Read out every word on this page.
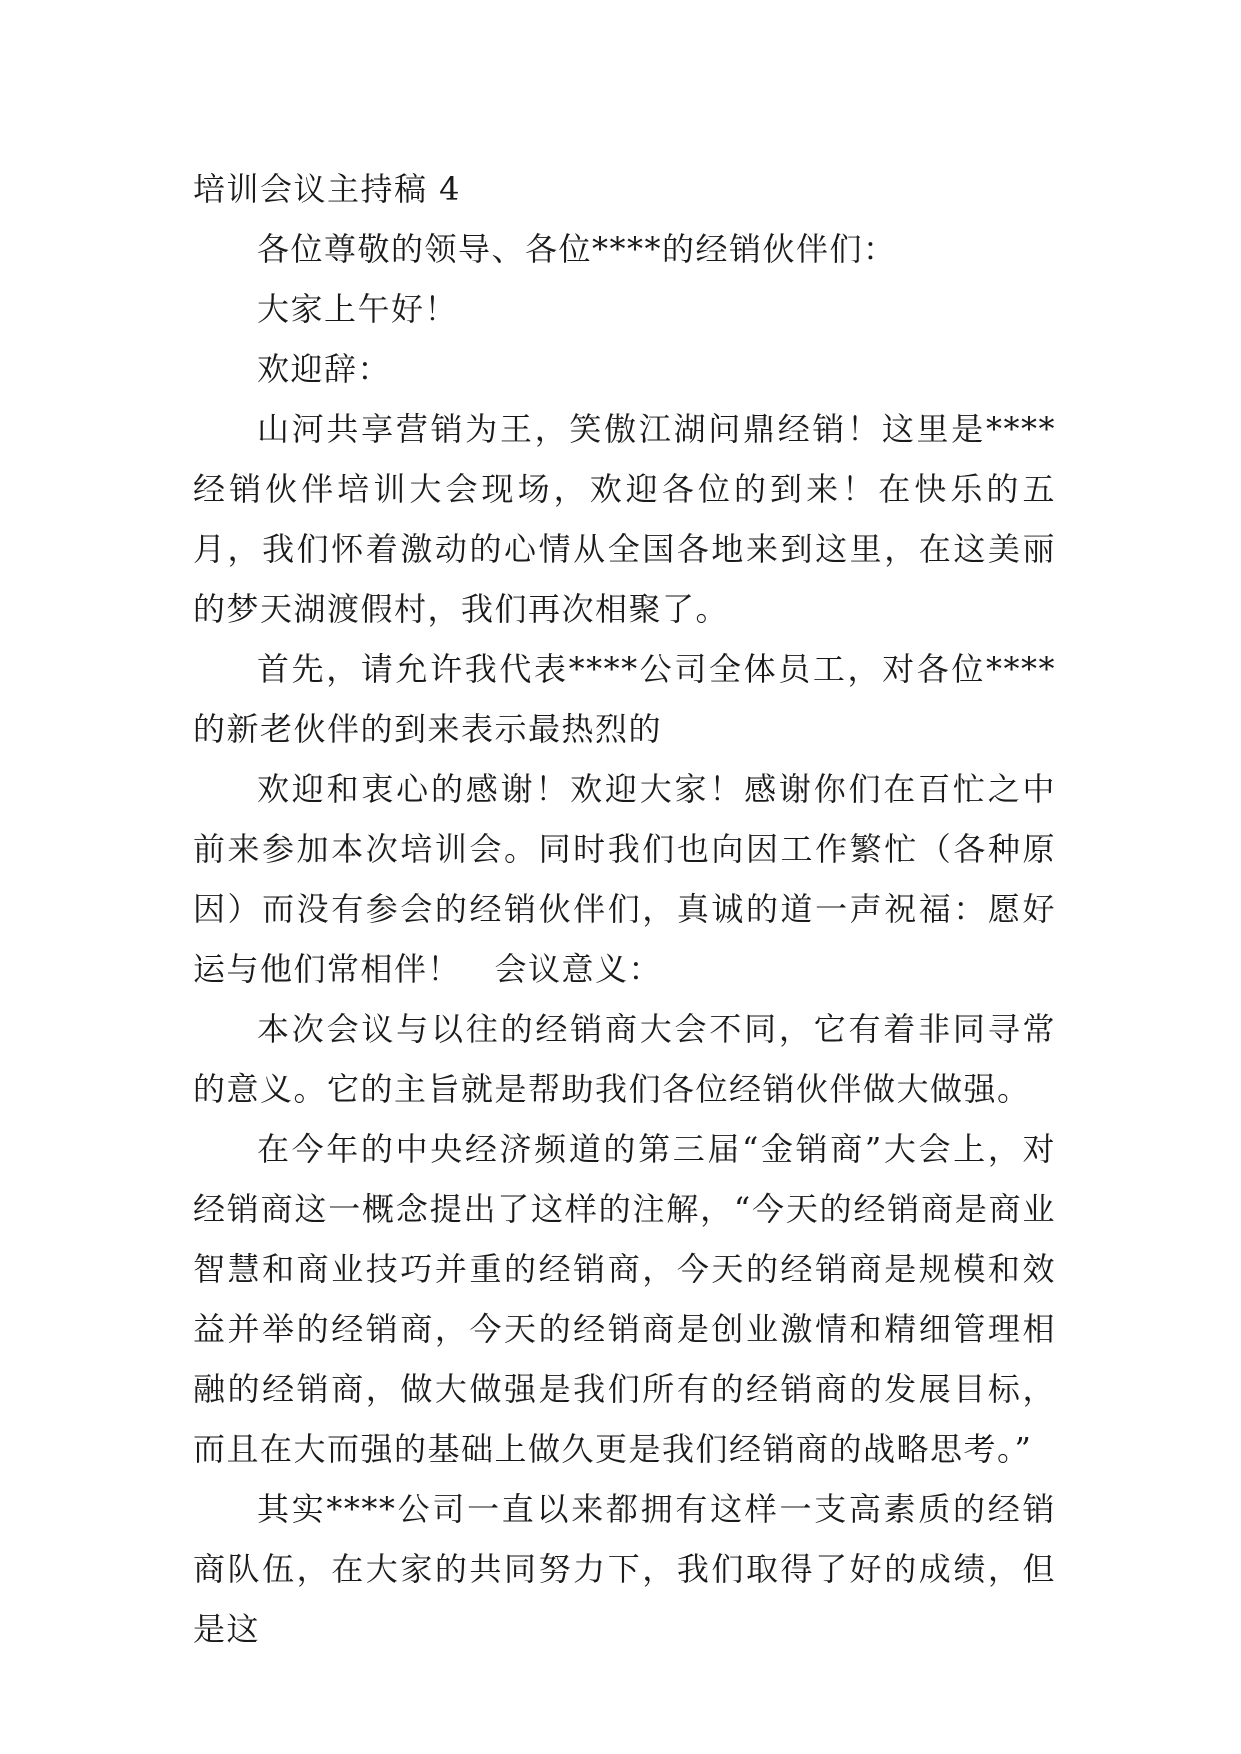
培训会议主持稿 4

各位尊敬的领导、各位****的经销伙伴们：

大家上午好！

欢迎辞：

山河共享营销为王，笑傲江湖问鼎经销！这里是****经销伙伴培训大会现场，欢迎各位的到来！在快乐的五月，我们怀着激动的心情从全国各地来到这里，在这美丽的梦天湖渡假村，我们再次相聚了。

首先，请允许我代表****公司全体员工，对各位****的新老伙伴的到来表示最热烈的

欢迎和衷心的感谢！欢迎大家！感谢你们在百忙之中前来参加本次培训会。同时我们也向因工作繁忙（各种原因）而没有参会的经销伙伴们，真诚的道一声祝福：愿好运与他们常相伴！　会议意义：

本次会议与以往的经销商大会不同，它有着非同寻常的意义。它的主旨就是帮助我们各位经销伙伴做大做强。

在今年的中央经济频道的第三届“金销商”大会上，对经销商这一概念提出了这样的注解，“今天的经销商是商业智慧和商业技巧并重的经销商，今天的经销商是规模和效益并举的经销商，今天的经销商是创业激情和精细管理相融的经销商，做大做强是我们所有的经销商的发展目标，而且在大而强的基础上做久更是我们经销商的战略思考。”

其实****公司一直以来都拥有这样一支高素质的经销商队伍，在大家的共同努力下，我们取得了好的成绩，但是这
